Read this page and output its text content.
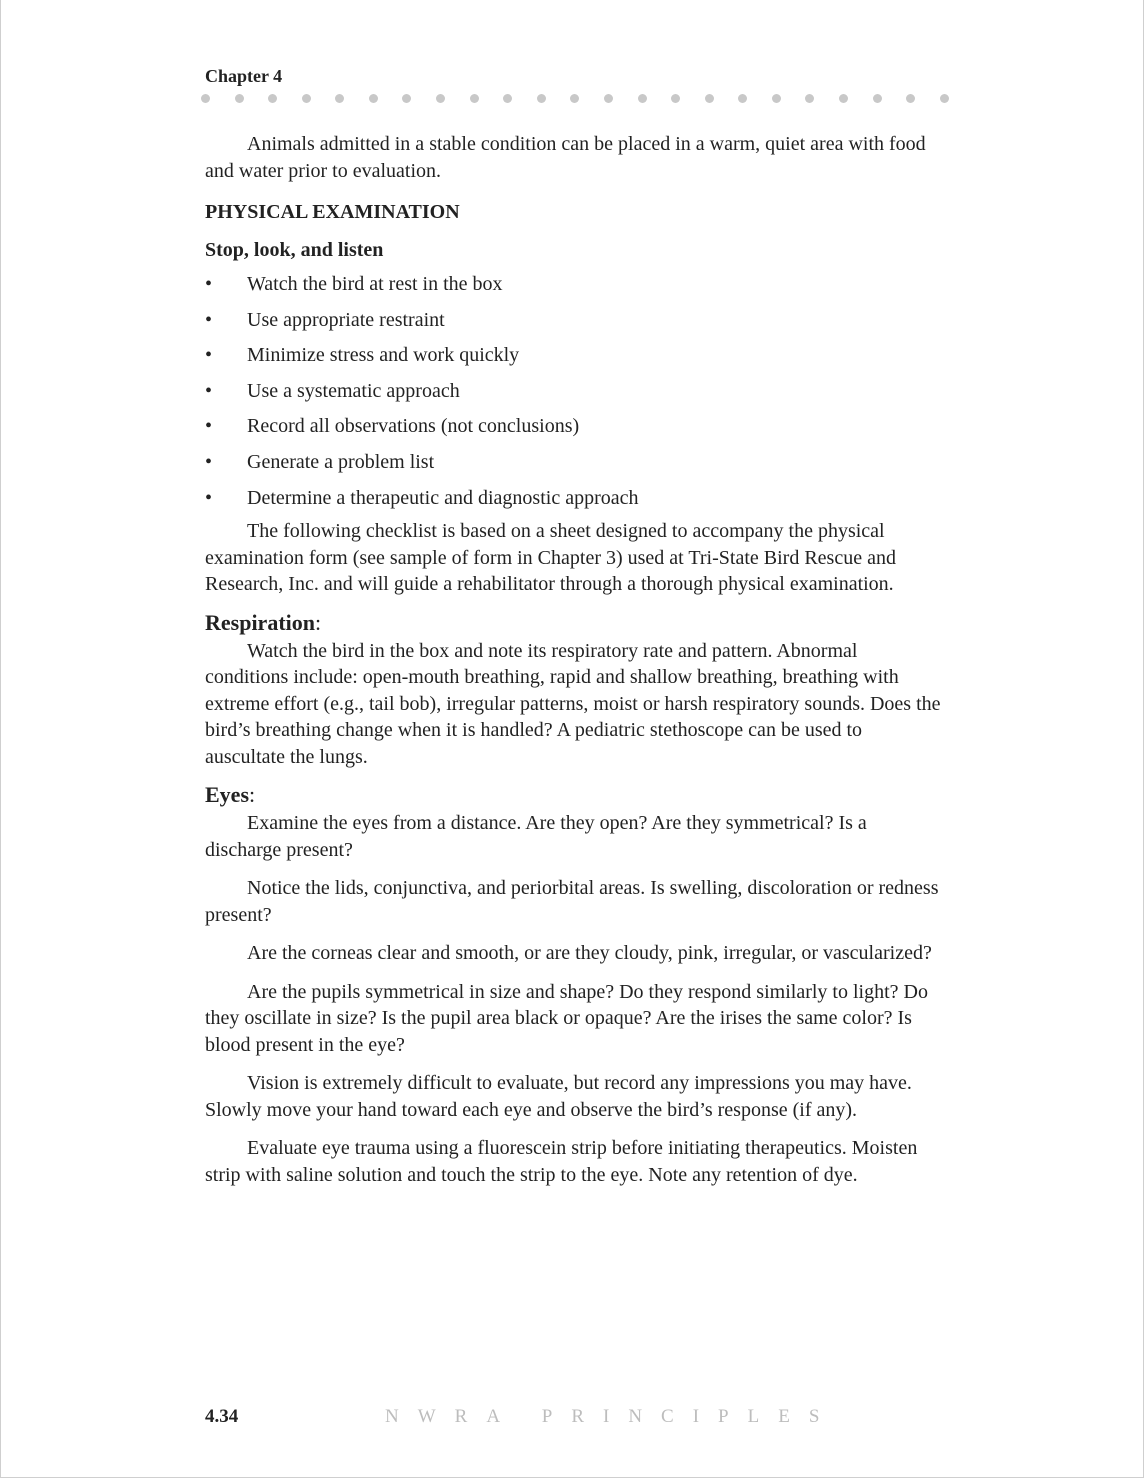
Chapter 4

Animals admitted in a stable condition can be placed in a warm, quiet area with food and water prior to evaluation.

PHYSICAL EXAMINATION
Stop, look, and listen
• Watch the bird at rest in the box
• Use appropriate restraint
• Minimize stress and work quickly
• Use a systematic approach
• Record all observations (not conclusions)
• Generate a problem list
• Determine a therapeutic and diagnostic approach

The following checklist is based on a sheet designed to accompany the physical examination form (see sample of form in Chapter 3) used at Tri-State Bird Rescue and Research, Inc. and will guide a rehabilitator through a thorough physical examination.

Respiration:

Watch the bird in the box and note its respiratory rate and pattern. Abnormal conditions include: open-mouth breathing, rapid and shallow breathing, breathing with extreme effort (e.g., tail bob), irregular patterns, moist or harsh respiratory sounds. Does the bird’s breathing change when it is handled? A pediatric stethoscope can be used to auscultate the lungs.

Eyes:

Examine the eyes from a distance. Are they open? Are they symmetrical? Is a discharge present?

Notice the lids, conjunctiva, and periorbital areas. Is swelling, discoloration or redness present?

Are the corneas clear and smooth, or are they cloudy, pink, irregular, or vascularized?

Are the pupils symmetrical in size and shape? Do they respond similarly to light? Do they oscillate in size? Is the pupil area black or opaque? Are the irises the same color? Is blood present in the eye?

Vision is extremely difficult to evaluate, but record any impressions you may have. Slowly move your hand toward each eye and observe the bird’s response (if any).

Evaluate eye trauma using a fluorescein strip before initiating therapeutics. Moisten strip with saline solution and touch the strip to the eye. Note any retention of dye.

4.34	NWRA PRINCIPLES
